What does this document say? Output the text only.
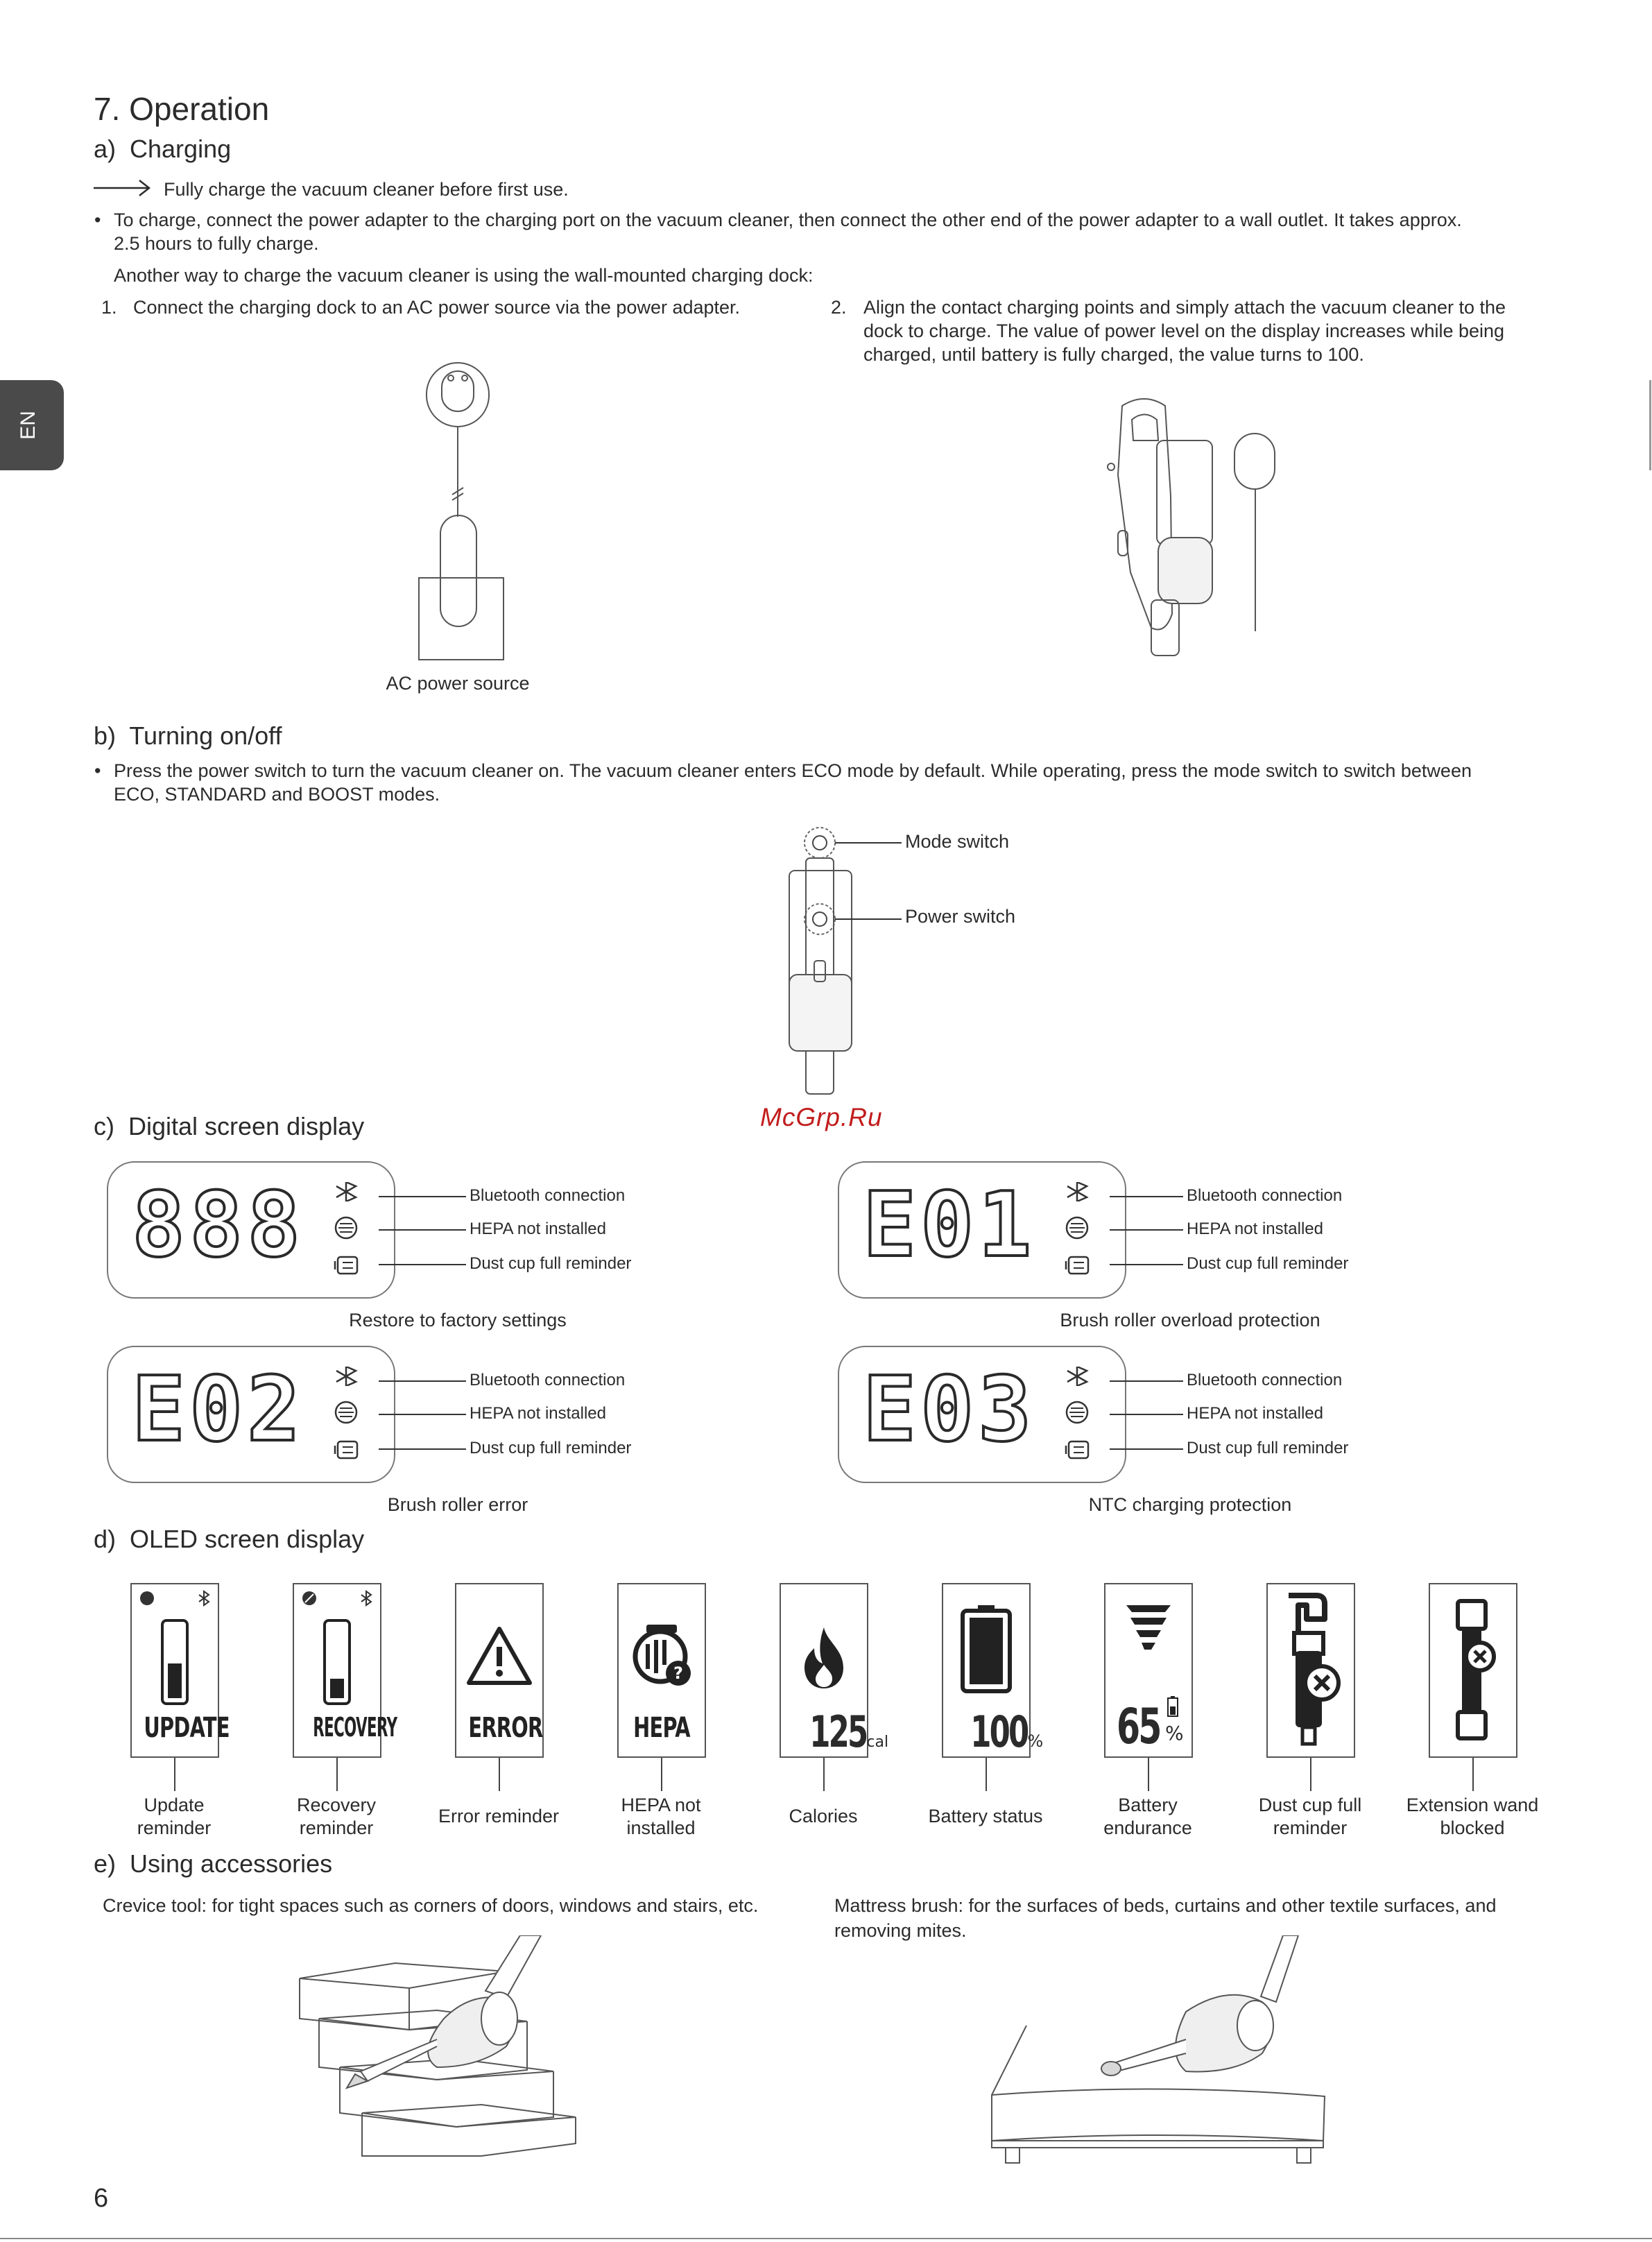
EN
7. Operation
a)  Charging
Fully charge the vacuum cleaner before first use.
• To charge, connect the power adapter to the charging port on the vacuum cleaner, then connect the other end of the power adapter to a wall outlet. It takes approx.
2.5 hours to fully charge.
Another way to charge the vacuum cleaner is using the wall-mounted charging dock:
1. Connect the charging dock to an AC power source via the power adapter.	2. Align the contact charging points and simply attach the vacuum cleaner to the
dock to charge. The value of power level on the display increases while being
charged, until battery is fully charged, the value turns to 100.
AC power source
b)  Turning on/off
• Press the power switch to turn the vacuum cleaner on. The vacuum cleaner enters ECO mode by default. While operating, press the mode switch to switch between
ECO, STANDARD and BOOST modes.
Mode switch
Power switch
McGrp.Ru
c)  Digital screen display
888	Bluetooth connection
HEPA not installed
Dust cup full reminder
Restore to factory settings
E01	Bluetooth connection
HEPA not installed
Dust cup full reminder
Brush roller overload protection
E02	Bluetooth connection
HEPA not installed
Dust cup full reminder
Brush roller error
E03	Bluetooth connection
HEPA not installed
Dust cup full reminder
NTC charging protection
d)  OLED screen display
UPDATE
Update
reminder
RECOVERY
Recovery
reminder
ERROR
Error reminder
?
HEPA
HEPA not
installed
125cal
Calories
100%
Battery status
65 %
Battery
endurance
Dust cup full
reminder
Extension wand
blocked
e)  Using accessories
Crevice tool: for tight spaces such as corners of doors, windows and stairs, etc.	Mattress brush: for the surfaces of beds, curtains and other textile surfaces, and
removing mites.
6
